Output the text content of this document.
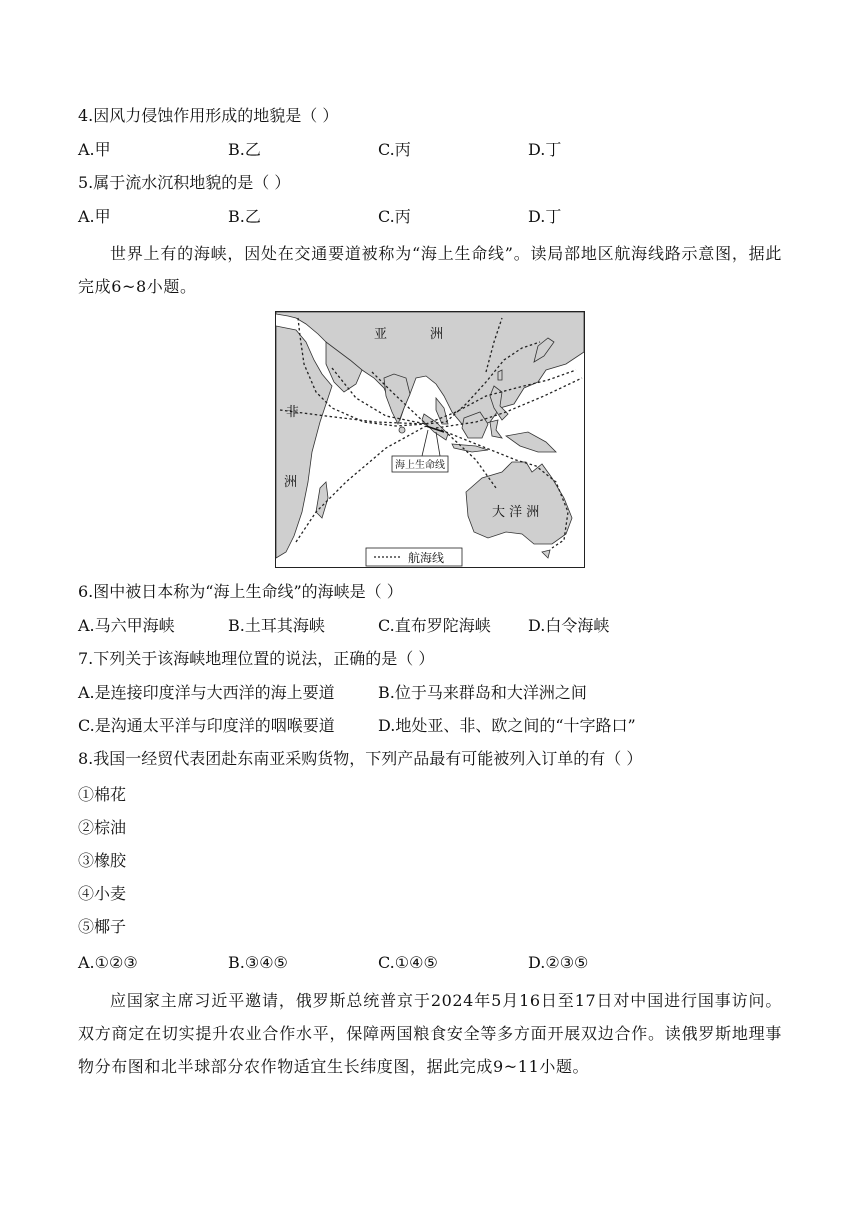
4.因风力侵蚀作用形成的地貌是（ ）
A.甲	B.乙	C.丙	D.丁
5.属于流水沉积地貌的是（ ）
A.甲	B.乙	C.丙	D.丁
世界上有的海峡，因处在交通要道被称为“海上生命线”。读局部地区航海线路示意图，据此完成6~8小题。
亚	洲
非
洲
大 洋 洲
海上生命线
航海线
6.图中被日本称为“海上生命线”的海峡是（ ）
A.马六甲海峡	B.土耳其海峡	C.直布罗陀海峡 D.白令海峡
7.下列关于该海峡地理位置的说法，正确的是（ ）
A.是连接印度洋与大西洋的海上要道	B.位于马来群岛和大洋洲之间
C.是沟通太平洋与印度洋的咽喉要道	D.地处亚、非、欧之间的“十字路口”
8.我国一经贸代表团赴东南亚采购货物，下列产品最有可能被列入订单的有（ ）
①棉花
②棕油
③橡胶
④小麦
⑤椰子
A.①②③	B.③④⑤	C.①④⑤	D.②③⑤
应国家主席习近平邀请，俄罗斯总统普京于2024年5月16日至17日对中国进行国事访问。双方商定在切实提升农业合作水平，保障两国粮食安全等多方面开展双边合作。读俄罗斯地理事物分布图和北半球部分农作物适宜生长纬度图，据此完成9~11小题。
